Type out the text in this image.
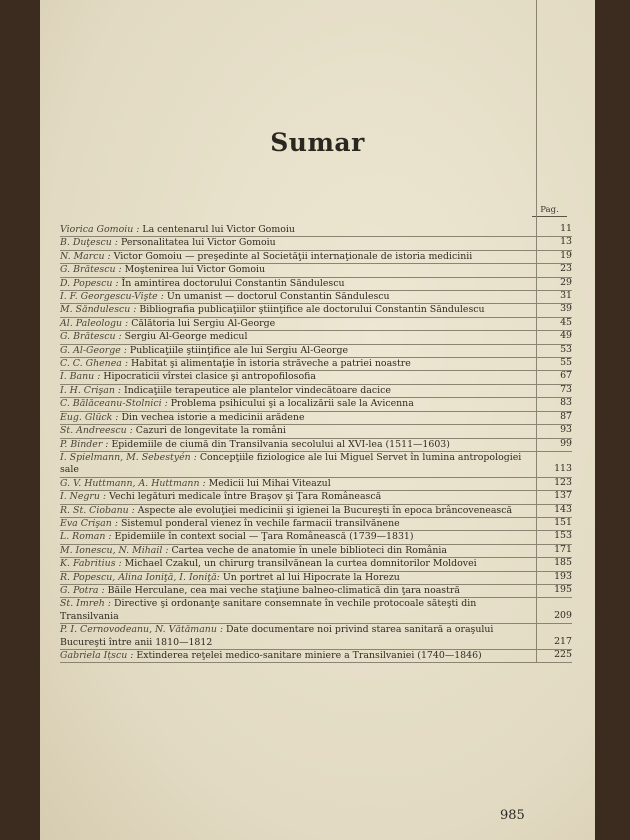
Sumar
Pag.
Viorica Gomoiu : La centenarul lui Victor Gomoiu	11
B. Duţescu : Personalitatea lui Victor Gomoiu	13
N. Marcu : Victor Gomoiu — preşedinte al Societăţii internaţionale de istoria medicinii	19
G. Brătescu : Moştenirea lui Victor Gomoiu	23
D. Popescu : În amintirea doctorului Constantin Săndulescu	29
I. F. Georgescu-Vişte : Un umanist — doctorul Constantin Săndulescu	31
M. Săndulescu : Bibliografia publicaţiilor ştiinţifice ale doctorului Constantin Săndulescu	39
Al. Paleologu : Călătoria lui Sergiu Al-George	45
G. Brătescu : Sergiu Al-George medicul	49
G. Al-George : Publicaţiile ştiinţifice ale lui Sergiu Al-George	53
C. C. Ghenea : Habitat şi alimentaţie în istoria străveche a patriei noastre	55
I. Banu : Hipocraticii vîrstei clasice şi antropofilosofia	67
I. H. Crişan : Indicaţiile terapeutice ale plantelor vindecătoare dacice	73
C. Bălăceanu-Stolnici : Problema psihicului şi a localizării sale la Avicenna	83
Eug. Glück : Din vechea istorie a medicinii arădene	87
St. Andreescu : Cazuri de longevitate la români	93
P. Binder : Epidemiile de ciumă din Transilvania secolului al XVI-lea (1511—1603)	99
I. Spielmann, M. Sebestyén : Concepţiile fiziologice ale lui Miguel Servet în lumina antropologiei sale	113
G. V. Huttmann, A. Huttmann : Medicii lui Mihai Viteazul	123
I. Negru : Vechi legături medicale între Braşov şi Ţara Românească	137
R. St. Ciobanu : Aspecte ale evoluţiei medicinii şi igienei la Bucureşti în epoca brâncovenească	143
Eva Crişan : Sistemul ponderal vienez în vechile farmacii transilvănene	151
L. Roman : Epidemiile în context social — Ţara Românească (1739—1831)	153
M. Ionescu, N. Mihail : Cartea veche de anatomie în unele biblioteci din România	171
K. Fabritius : Michael Czakul, un chirurg transilvănean la curtea domnitorilor Moldovei	185
R. Popescu, Alina Ioniţă, I. Ioniţă: Un portret al lui Hipocrate la Horezu	193
G. Potra : Băile Herculane, cea mai veche staţiune balneo-climatică din ţara noastră	195
St. Imreh : Directive şi ordonanţe sanitare consemnate în vechile protocoale săteşti din Transilvania	209
P. I. Cernovodeanu, N. Vătămanu : Date documentare noi privind starea sanitară a oraşului Bucureşti între anii 1810—1812	217
Gabriela Ițscu : Extinderea reţelei medico-sanitare miniere a Transilvaniei (1740—1846)	225
985
